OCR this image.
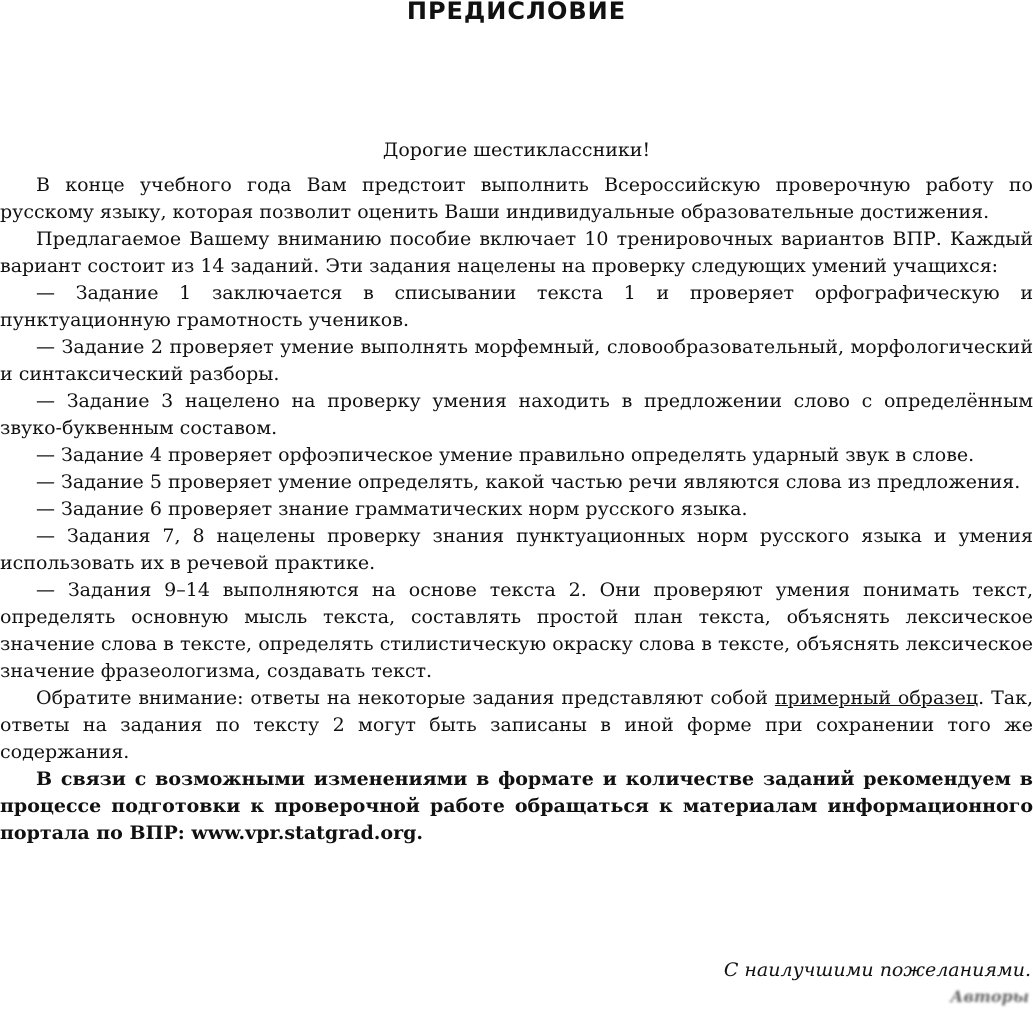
ПРЕДИСЛОВИЕ
Дорогие шестиклассники!

В конце учебного года Вам предстоит выполнить Всероссийскую проверочную работу по русскому языку, которая позволит оценить Ваши индивидуальные образовательные достижения.

Предлагаемое Вашему вниманию пособие включает 10 тренировочных вариантов ВПР. Каждый вариант состоит из 14 заданий. Эти задания нацелены на проверку следующих умений учащихся:

— Задание 1 заключается в списывании текста 1 и проверяет орфографическую и пунктуационную грамотность учеников.

— Задание 2 проверяет умение выполнять морфемный, словообразовательный, морфологический и синтаксический разборы.

— Задание 3 нацелено на проверку умения находить в предложении слово с определённым звуко-буквенным составом.

— Задание 4 проверяет орфоэпическое умение правильно определять ударный звук в слове.

— Задание 5 проверяет умение определять, какой частью речи являются слова из предложения.

— Задание 6 проверяет знание грамматических норм русского языка.

— Задания 7, 8 нацелены проверку знания пунктуационных норм русского языка и умения использовать их в речевой практике.

— Задания 9–14 выполняются на основе текста 2. Они проверяют умения понимать текст, определять основную мысль текста, составлять простой план текста, объяснять лексическое значение слова в тексте, определять стилистическую окраску слова в тексте, объяснять лексическое значение фразеологизма, создавать текст.

Обратите внимание: ответы на некоторые задания представляют собой примерный образец. Так, ответы на задания по тексту 2 могут быть записаны в иной форме при сохранении того же содержания.

В связи с возможными изменениями в формате и количестве заданий рекомендуем в процессе подготовки к проверочной работе обращаться к материалам информационного портала по ВПР: www.vpr.statgrad.org.

С наилучшими пожеланиями.
Авторы
